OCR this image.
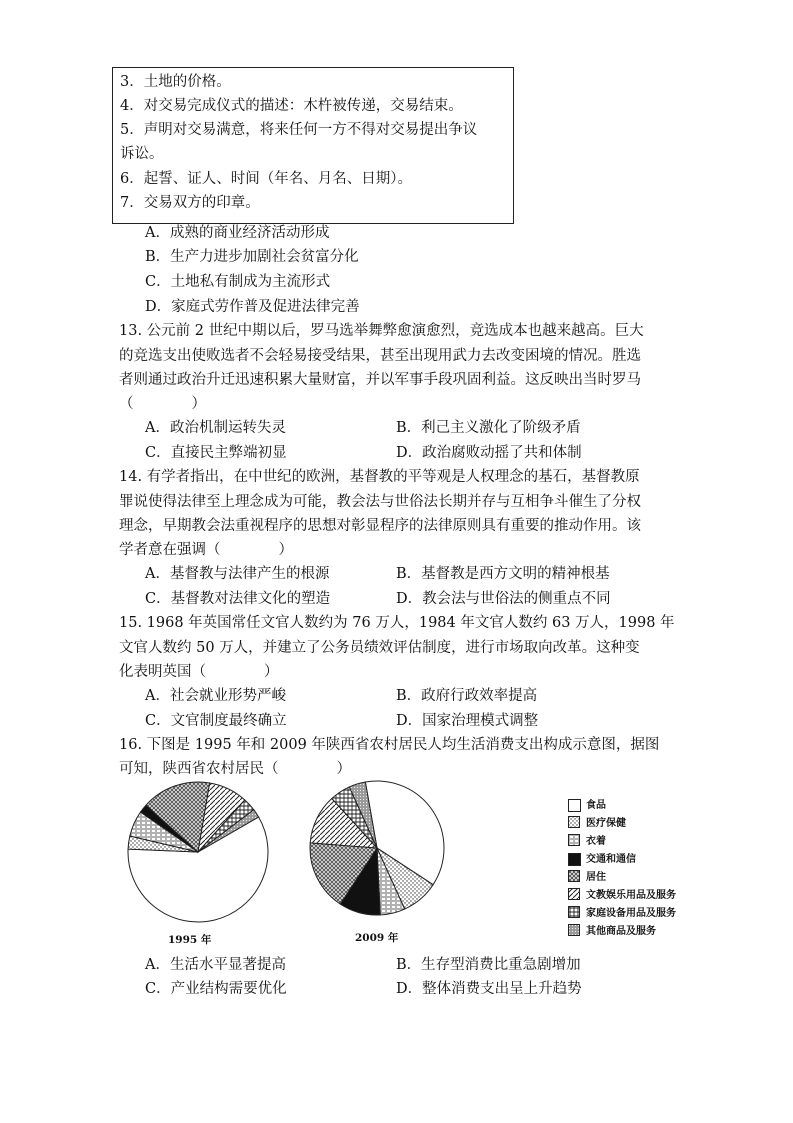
3．土地的价格。
4．对交易完成仪式的描述：木杵被传递，交易结束。
5．声明对交易满意，将来任何一方不得对交易提出争议
诉讼。
6．起誓、证人、时间（年名、月名、日期）。
7．交易双方的印章。
A．成熟的商业经济活动形成
B．生产力进步加剧社会贫富分化
C．土地私有制成为主流形式
D．家庭式劳作普及促进法律完善
13. 公元前 2 世纪中期以后，罗马选举舞弊愈演愈烈，竞选成本也越来越高。巨大
的竞选支出使败选者不会轻易接受结果，甚至出现用武力去改变困境的情况。胜选
者则通过政治升迁迅速积累大量财富，并以军事手段巩固利益。这反映出当时罗马
（　　　　）
A．政治机制运转失灵	B．利己主义激化了阶级矛盾
C．直接民主弊端初显	D．政治腐败动摇了共和体制
14. 有学者指出，在中世纪的欧洲，基督教的平等观是人权理念的基石，基督教原
罪说使得法律至上理念成为可能，教会法与世俗法长期并存与互相争斗催生了分权
理念，早期教会法重视程序的思想对彰显程序的法律原则具有重要的推动作用。该
学者意在强调（　　　　）
A．基督教与法律产生的根源	B．基督教是西方文明的精神根基
C．基督教对法律文化的塑造	D．教会法与世俗法的侧重点不同
15. 1968 年英国常任文官人数约为 76 万人，1984 年文官人数约 63 万人，1998 年
文官人数约 50 万人，并建立了公务员绩效评估制度，进行市场取向改革。这种变
化表明英国（　　　　）
A．社会就业形势严峻	B．政府行政效率提高
C．文官制度最终确立	D．国家治理模式调整
16. 下图是 1995 年和 2009 年陕西省农村居民人均生活消费支出构成示意图，据图
可知，陕西省农村居民（　　　　）
1995 年	2009 年
食品
医疗保健
衣着
交通和通信
居住
文教娱乐用品及服务
家庭设备用品及服务
其他商品及服务
A．生活水平显著提高	B．生存型消费比重急剧增加
C．产业结构需要优化	D．整体消费支出呈上升趋势
